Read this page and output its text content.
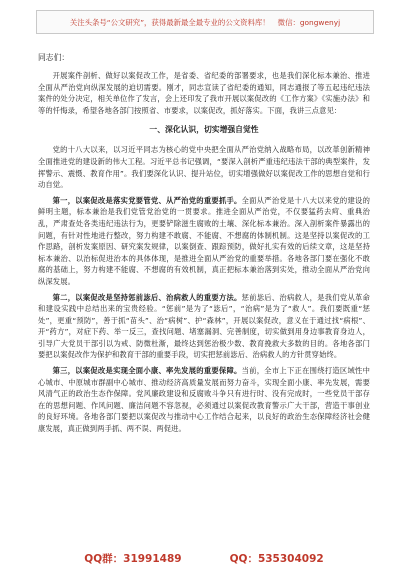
关注头条号“公文研究”，获得最新最全最专业的公文资料库！ 微信：gongwenyj
同志们：

开展案件剖析、做好以案促改工作，是省委、省纪委的部署要求，也是我们深化标本兼治、推进全面从严治党向纵深发展的迫切需要。刚才，同志宣读了省纪委的通知，同志通报了等五起违纪违法案件的处分决定，相关单位作了发言，会上还印发了我市开展以案促改的《工作方案》《实施办法》和等的忏悔录，希望各地各部门按照省、市要求，以案促改，抓好落实。下面，我讲三点意见：

一、深化认识，切实增强自觉性

党的十八大以来，以习近平同志为核心的党中央把全面从严治党纳入战略布局，以改革创新精神全面推进党的建设新的伟大工程。习近平总书记强调，“要深入剖析严重违纪违法干部的典型案件，发挥警示、震慑、教育作用”。我们要深化认识、提升站位，切实增强做好以案促改工作的思想自觉和行动自觉。

第一，以案促改是落实党要管党、从严治党的重要抓手。全面从严治党是十八大以来党的建设的鲜明主题，标本兼治是我们党管党治党的一贯要求。推进全面从严治党，不仅要猛药去疴、重典治乱，严肃查处各类违纪违法行为，更要铲除滋生腐败的土壤、深化标本兼治。深入剖析案件暴露出的问题，有针对性地进行整改，努力构建不敢腐、不能腐、不想腐的体制机制。这是坚持以案促改的工作思路，剖析发案原因、研究案发规律，以案倒查、跟踪预防，做好扎实有效的后续文章，这是坚持标本兼治、以治标促进治本的具体体现，是推进全面从严治党的重要举措。各地各部门要在强化不敢腐的基础上，努力构建不能腐、不想腐的有效机制，真正把标本兼治落到实处，推动全面从严治党向纵深发展。

第二，以案促改是坚持惩前毖后、治病救人的重要方法。惩前毖后、治病救人，是我们党从革命和建设实践中总结出来的宝贵经验。“惩前”是为了“毖后”，“治病”是为了“救人”。我们要既重“惩处”，更重“预防”，善于抓“苗头”、治“病树”、护“森林”，开展以案促改，意义在于通过找“病根”、开“药方”，对症下药、举一反三，查找问题、堵塞漏洞、完善制度，切实做到用身边事教育身边人，引导广大党员干部引以为戒、防微杜渐，最终达到惩治极少数、教育挽救大多数的目的。各地各部门要把以案促改作为保护和教育干部的重要手段，切实把惩前毖后、治病救人的方针贯穿始终。

第三，以案促改是实现全面小康、率先发展的重要保障。当前，全市上下正在围绕打造区域性中心城市、中原城市群副中心城市、推动经济高质量发展而努力奋斗，实现全面小康、率先发展，需要风清气正的政治生态作保障。党风廉政建设和反腐败斗争只有进行时、没有完成时，一些党员干部存在的思想问题、作风问题、廉洁问题不容忽视，必须通过以案促改教育警示广大干部，营造干事创业的良好环境。各地各部门要把以案促改与推动中心工作结合起来，以良好的政治生态保障经济社会健康发展，真正做到两手抓、两不误、两促进。

QQ群：31991489	QQ：535304092
